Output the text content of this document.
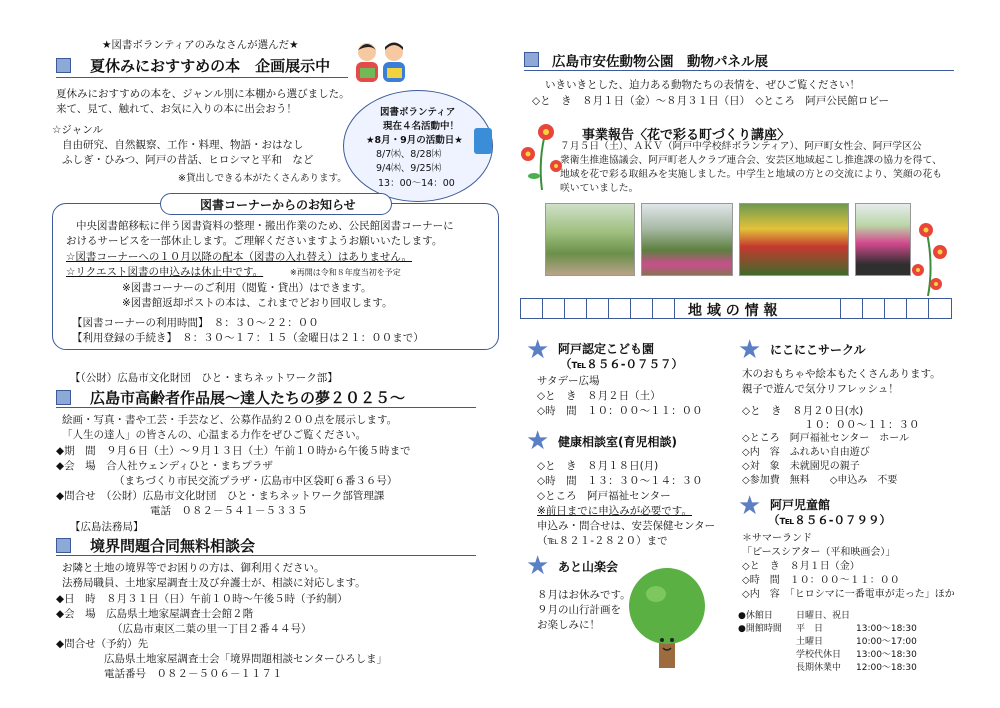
★図書ボランティアのみなさんが選んだ★
夏休みにおすすめの本　企画展示中
夏休みにおすすめの本を、ジャンル別に本棚から選びました。
来て、見て、触れて、お気に入りの本に出会おう！
☆ジャンル
自由研究、自然観察、工作・料理、物語・おはなし
ふしぎ・ひみつ、阿戸の昔話、ヒロシマと平和　など
※貸出しできる本がたくさんあります。
図書ボランティア
現在４名活動中！
★8月・9月の活動日★
8/7㈭、8/28㈭
9/4㈭、9/25㈭
13：00～14：00
図書コーナーからのお知らせ
中央図書館移転に伴う図書資料の整理・搬出作業のため、公民館図書コーナーに
おけるサービスを一部休止します。ご理解くださいますようお願いいたします。
☆図書コーナーへの１０月以降の配本（図書の入れ替え）はありません。
☆リクエスト図書の申込みは休止中です。	※再開は令和８年度当初を予定
※図書コーナーのご利用（閲覧・貸出）はできます。
※図書館返却ポストの本は、これまでどおり回収します。
【図書コーナーの利用時間】　８：３０～２２：００
【利用登録の手続き】　８：３０～１７：１５（金曜日は２１：００まで）
【（公財）広島市文化財団　ひと・まちネットワーク部】
広島市高齢者作品展～達人たちの夢２０２５～
絵画・写真・書や工芸・手芸など、公募作品約２００点を展示します。
「人生の達人」の皆さんの、心温まる力作をぜひご覧ください。
◆期　間　９月６日（土）～９月１３日（土）午前１０時から午後５時まで
◆会　場　合人社ウェンディひと・まちプラザ
（まちづくり市民交流プラザ・広島市中区袋町６番３６号）
◆問合せ　（公財）広島市文化財団　ひと・まちネットワーク部管理課
電話　０８２－５４１－５３３５
【広島法務局】
境界問題合同無料相談会
お隣と土地の境界等でお困りの方は、御利用ください。
法務局職員、土地家屋調査士及び弁護士が、相談に対応します。
◆日　時　８月３１日（日）午前１０時～午後５時（予約制）
◆会　場　広島県土地家屋調査士会館２階
（広島市東区二葉の里一丁目２番４４号）
◆問合せ（予約）先
広島県土地家屋調査士会「境界問題相談センターひろしま」
電話番号　０８２－５０６－１１７１
広島市安佐動物公園　動物パネル展
いきいきとした、迫力ある動物たちの表情を、ぜひご覧ください！
◇と　き　８月１日（金）～８月３１日（日）　◇ところ　阿戸公民館ロビー
事業報告〈花で彩る町づくり講座〉
７月５日（土）、ＡＫＶ（阿戸中学校絆ボランティア）、阿戸町女性会、阿戸学区公
衆衛生推進協議会、阿戸町老人クラブ連合会、安芸区地域起こし推進課の協力を得て、
地域を花で彩る取組みを実施しました。中学生と地域の方との交流により、笑顔の花も
咲いていました。
地 域 の 情 報
★ 阿戸認定こども園
（℡８５６-０７５７）
サタデー広場
◇と　き　８月２日（土）
◇時　間　１０：００～１１：００
★ 健康相談室(育児相談)
◇と　き　８月１８日(月)
◇時　間　１３：３０～１４：３０
◇ところ　阿戸福祉センター
※前日までに申込みが必要です。
申込み・問合せは、安芸保健センター
（℡８２１-２８２０）まで
★ あと山楽会
８月はお休みです。
９月の山行計画を
お楽しみに！
★ にこにこサークル
木のおもちゃや絵本もたくさんあります。
親子で遊んで気分リフレッシュ！
◇と　き　８月２０日(水)
１０：００～１１：３０
◇ところ　阿戸福祉センター　ホール
◇内　容　ふれあい自由遊び
◇対　象　未就園児の親子
◇参加費　無料　　◇申込み　不要
★ 阿戸児童館
（℡８５６-０７９９）
＊サマーランド
「ピースシアター（平和映画会）」
◇と　き　８月１日（金）
◇時　間　１０：００～１１：００
◇内　容　「ヒロシマに一番電車が走った」ほか
●休館日	日曜日、祝日
●開館時間 平　日	13:00～18:30
土曜日	10:00～17:00
学校代休日 13:00～18:30
長期休業中 12:00～18:30
